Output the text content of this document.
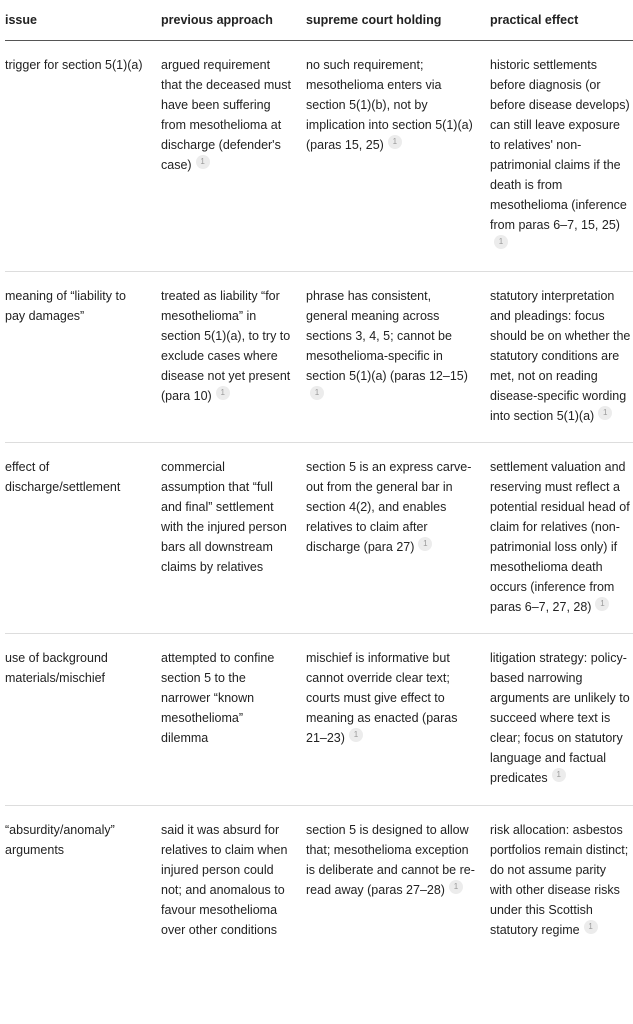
issue	previous approach	supreme court holding	practical effect
trigger for section 5(1)(a)	argued requirement that the deceased must have been suffering from mesothelioma at discharge (defender's case) 1	no such requirement; mesothelioma enters via section 5(1)(b), not by implication into section 5(1)(a) (paras 15, 25) 1	historic settlements before diagnosis (or before disease develops) can still leave exposure to relatives' non-patrimonial claims if the death is from mesothelioma (inference from paras 6–7, 15, 25)1
meaning of “liability to pay damages”	treated as liability “for mesothelioma” in section 5(1)(a), to try to exclude cases where disease not yet present (para 10) 1	phrase has consistent, general meaning across sections 3, 4, 5; cannot be mesothelioma-specific in section 5(1)(a) (paras 12–15)1	statutory interpretation and pleadings: focus should be on whether the statutory conditions are met, not on reading disease-specific wording into section 5(1)(a) 1
effect of discharge/settlement	commercial assumption that “full and final” settlement with the injured person bars all downstream claims by relatives	section 5 is an express carve-out from the general bar in section 4(2), and enables relatives to claim after discharge (para 27) 1	settlement valuation and reserving must reflect a potential residual head of claim for relatives (non-patrimonial loss only) if mesothelioma death occurs (inference from paras 6–7, 27, 28) 1
use of background materials/mischief	attempted to confine section 5 to the narrower “known mesothelioma” dilemma	mischief is informative but cannot override clear text; courts must give effect to meaning as enacted (paras 21–23) 1	litigation strategy: policy-based narrowing arguments are unlikely to succeed where text is clear; focus on statutory language and factual predicates 1
“absurdity/anomaly” arguments	said it was absurd for relatives to claim when injured person could not; and anomalous to favour mesothelioma over other conditions	section 5 is designed to allow that; mesothelioma exception is deliberate and cannot be re-read away (paras 27–28) 1	risk allocation: asbestos portfolios remain distinct; do not assume parity with other disease risks under this Scottish statutory regime 1
